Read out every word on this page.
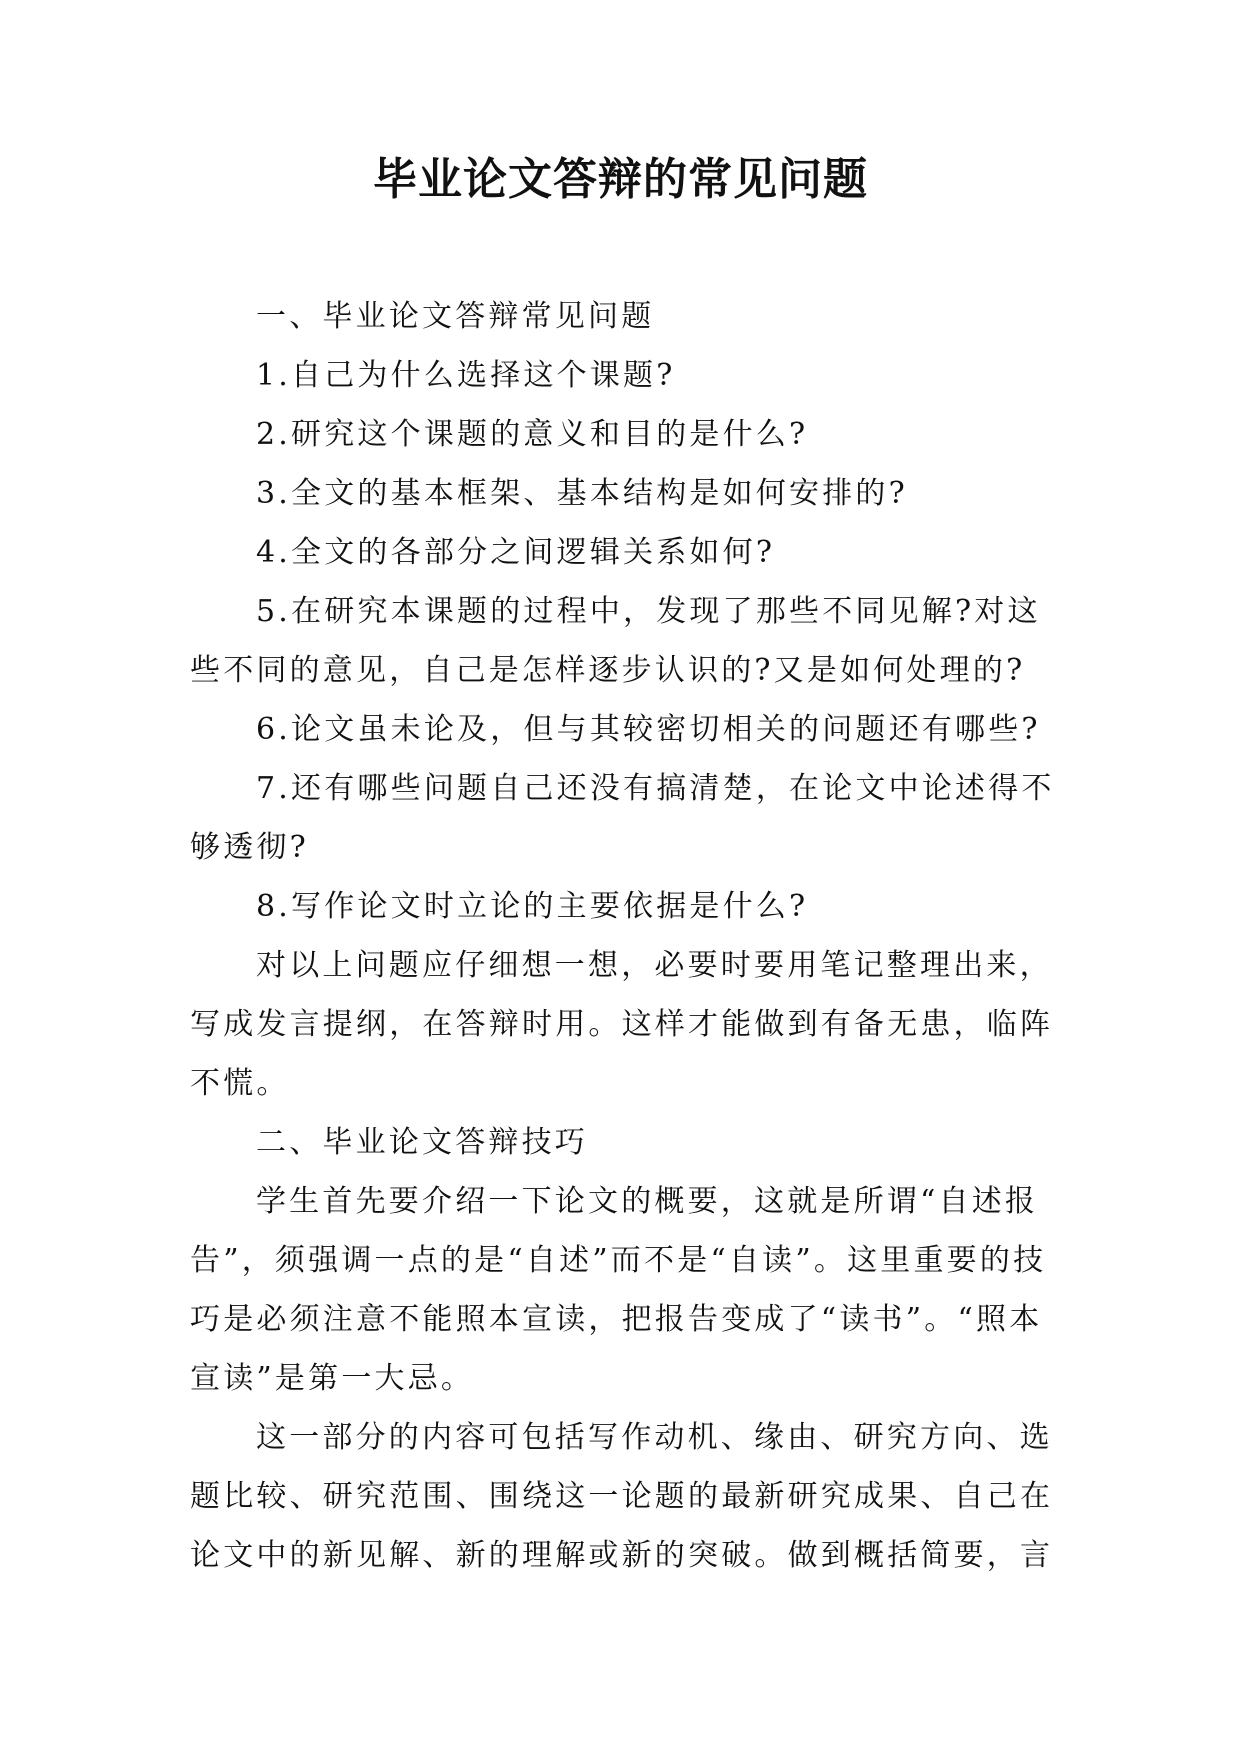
毕业论文答辩的常见问题

一、毕业论文答辩常见问题

1.自己为什么选择这个课题?

2.研究这个课题的意义和目的是什么?

3.全文的基本框架、基本结构是如何安排的?

4.全文的各部分之间逻辑关系如何?

5.在研究本课题的过程中，发现了那些不同见解?对这些不同的意见，自己是怎样逐步认识的?又是如何处理的?

6.论文虽未论及，但与其较密切相关的问题还有哪些?

7.还有哪些问题自己还没有搞清楚，在论文中论述得不够透彻?

8.写作论文时立论的主要依据是什么?

对以上问题应仔细想一想，必要时要用笔记整理出来，写成发言提纲，在答辩时用。这样才能做到有备无患，临阵不慌。

二、毕业论文答辩技巧

学生首先要介绍一下论文的概要，这就是所谓“自述报告”，须强调一点的是“自述”而不是“自读”。这里重要的技巧是必须注意不能照本宣读，把报告变成了“读书”。“照本宣读”是第一大忌。

这一部分的内容可包括写作动机、缘由、研究方向、选题比较、研究范围、围绕这一论题的最新研究成果、自己在论文中的新见解、新的理解或新的突破。做到概括简要，言
